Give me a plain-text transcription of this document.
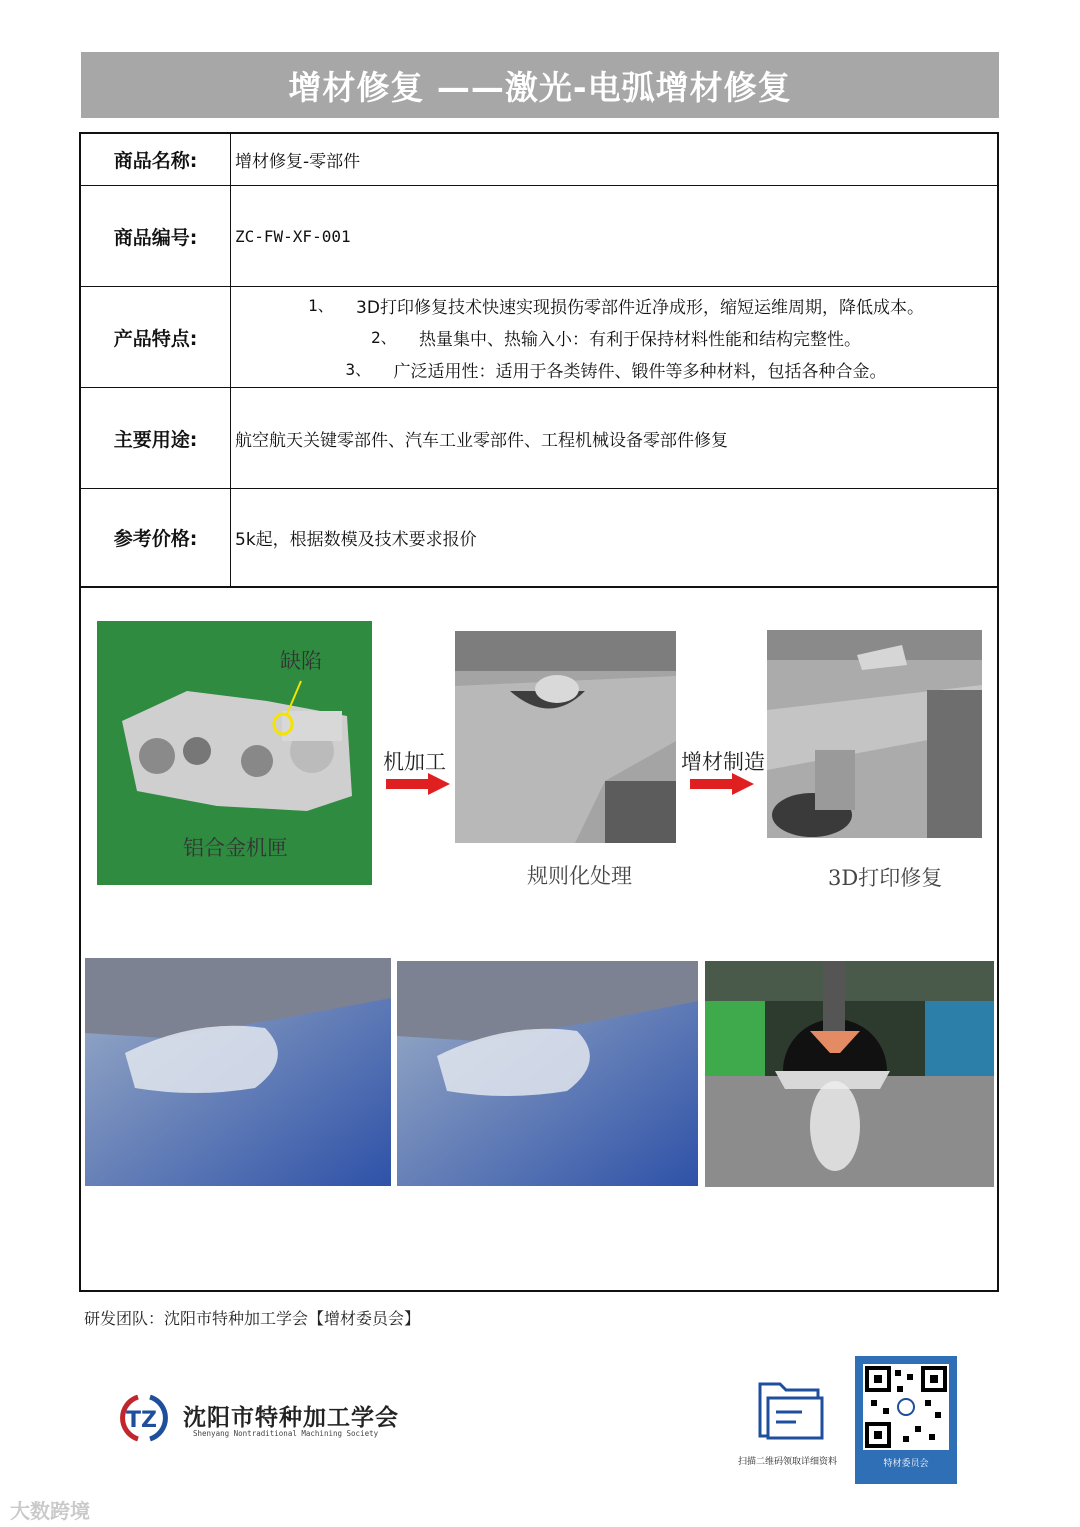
增材修复 ——激光-电弧增材修复
商品名称:	增材修复-零部件
商品编号:	ZC-FW-XF-001
产品特点:
1、	3D打印修复技术快速实现损伤零部件近净成形，缩短运维周期，降低成本。
2、	热量集中、热输入小：有利于保持材料性能和结构完整性。
3、	广泛适用性：适用于各类铸件、锻件等多种材料，包括各种合金。
主要用途:	航空航天关键零部件、汽车工业零部件、工程机械设备零部件修复
参考价格:	5k起，根据数模及技术要求报价
缺陷
铝合金机匣
机加工
规则化处理
增材制造
3D打印修复
研发团队：沈阳市特种加工学会【增材委员会】
TZ 沈阳市特种加工学会
Shenyang Nontraditional Machining Society
扫描二维码领取详细资料	特材委员会
大数跨境
